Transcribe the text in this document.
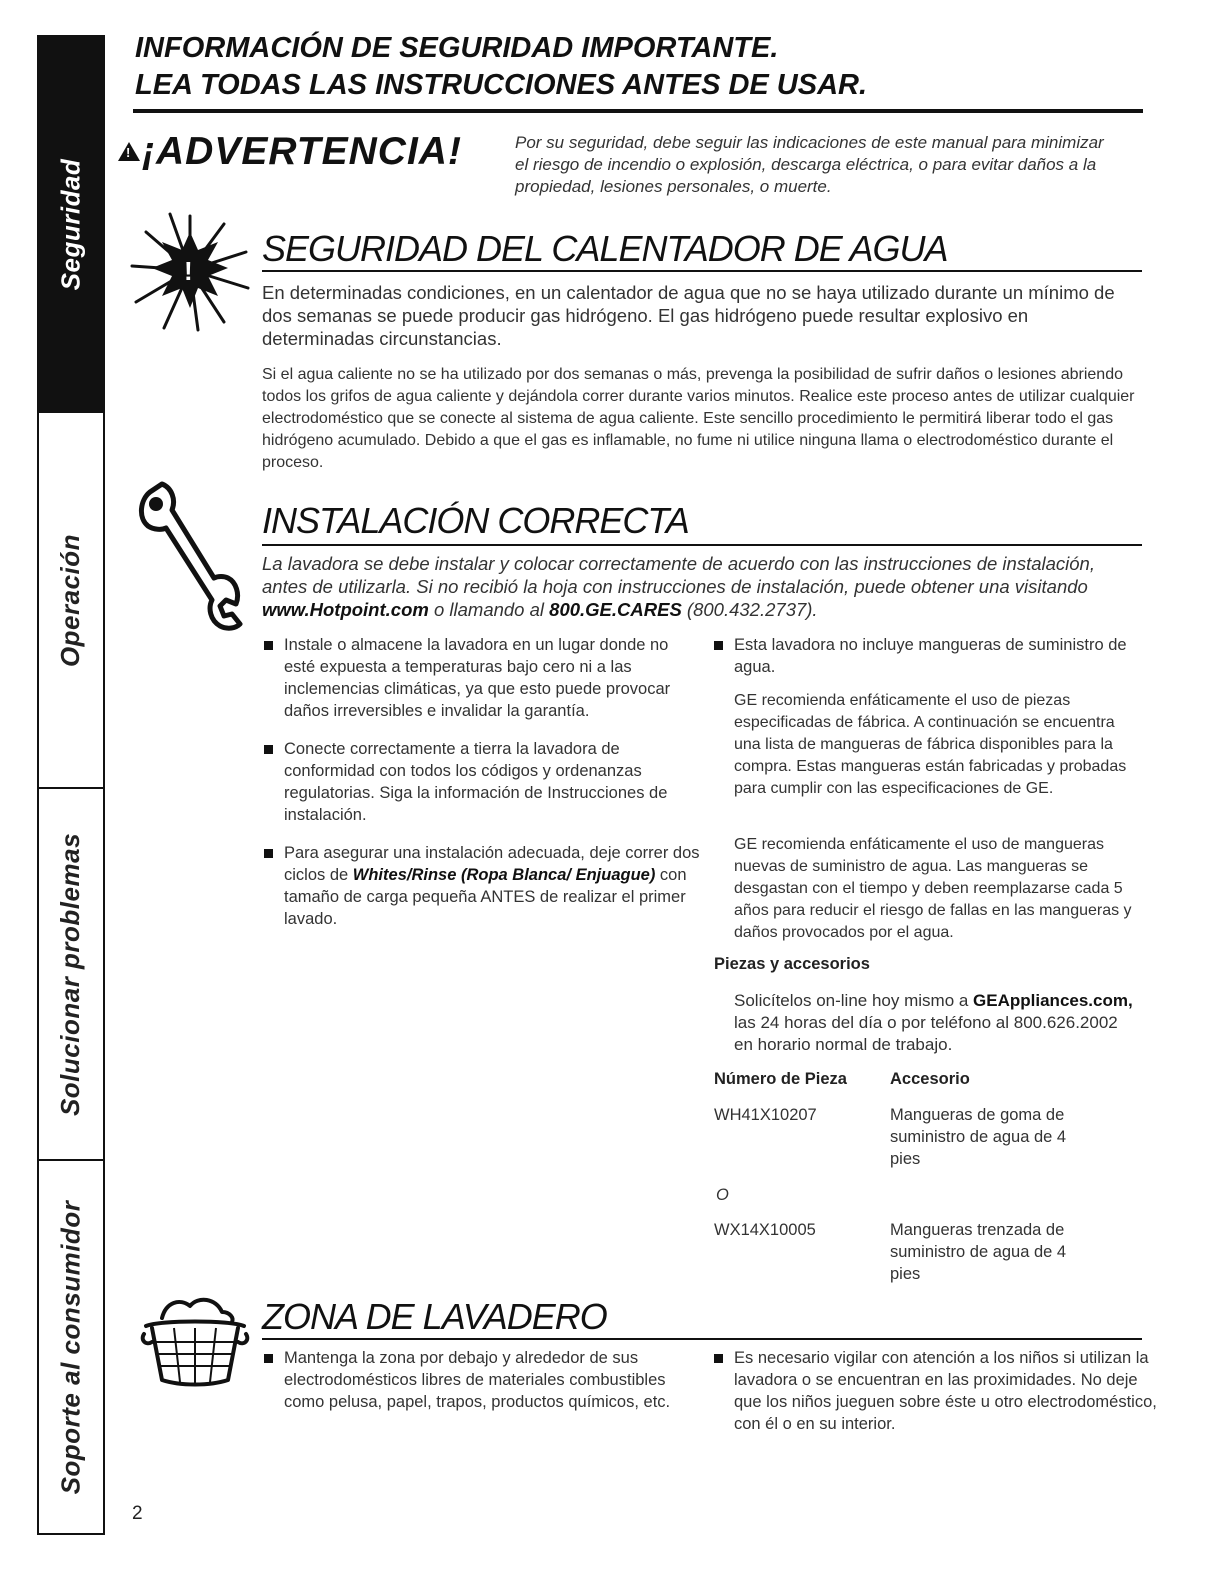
Seguridad
Operación
Solucionar problemas
Soporte al consumidor
INFORMACIÓN DE SEGURIDAD IMPORTANTE.
LEA TODAS LAS INSTRUCCIONES ANTES DE USAR.
!¡ADVERTENCIA!	Por su seguridad, debe seguir las indicaciones de este manual para minimizar el riesgo de incendio o explosión, descarga eléctrica, o para evitar daños a la propiedad, lesiones personales, o muerte.
!
SEGURIDAD DEL CALENTADOR DE AGUA
En determinadas condiciones, en un calentador de agua que no se haya utilizado durante un mínimo de dos semanas se puede producir gas hidrógeno. El gas hidrógeno puede resultar explosivo en determinadas circunstancias.
Si el agua caliente no se ha utilizado por dos semanas o más, prevenga la posibilidad de sufrir daños o lesiones abriendo todos los grifos de agua caliente y dejándola correr durante varios minutos. Realice este proceso antes de utilizar cualquier electrodoméstico que se conecte al sistema de agua caliente. Este sencillo procedimiento le permitirá liberar todo el gas hidrógeno acumulado. Debido a que el gas es inflamable, no fume ni utilice ninguna llama o electrodoméstico durante el proceso.
INSTALACIÓN CORRECTA
La lavadora se debe instalar y colocar correctamente de acuerdo con las instrucciones de instalación, antes de utilizarla. Si no recibió la hoja con instrucciones de instalación, puede obtener una visitando www.Hotpoint.com o llamando al 800.GE.CARES (800.432.2737).
Instale o almacene la lavadora en un lugar donde no esté expuesta a temperaturas bajo cero ni a las inclemencias climáticas, ya que esto puede provocar daños irreversibles e invalidar la garantía.
Conecte correctamente a tierra la lavadora de conformidad con todos los códigos y ordenanzas regulatorias. Siga la información de Instrucciones de instalación.
Para asegurar una instalación adecuada, deje correr dos ciclos de Whites/Rinse (Ropa Blanca/ Enjuague) con tamaño de carga pequeña ANTES de realizar el primer lavado.
Esta lavadora no incluye mangueras de suministro de agua.
GE recomienda enfáticamente el uso de piezas especificadas de fábrica. A continuación se encuentra una lista de mangueras de fábrica disponibles para la compra. Estas mangueras están fabricadas y probadas para cumplir con las especificaciones de GE.
GE recomienda enfáticamente el uso de mangueras nuevas de suministro de agua. Las mangueras se desgastan con el tiempo y deben reemplazarse cada 5 años para reducir el riesgo de fallas en las mangueras y daños provocados por el agua.
Piezas y accesorios
Solicítelos on-line hoy mismo a GEAppliances.com, las 24 horas del día o por teléfono al 800.626.2002 en horario normal de trabajo.
Número de Pieza	Accesorio
WH41X10207	Mangueras de goma de suministro de agua de 4 pies
O
WX14X10005	Mangueras trenzada de suministro de agua de 4 pies
ZONA DE LAVADERO
Mantenga la zona por debajo y alrededor de sus electrodomésticos libres de materiales combustibles como pelusa, papel, trapos, productos químicos, etc.
Es necesario vigilar con atención a los niños si utilizan la lavadora o se encuentran en las proximidades. No deje que los niños jueguen sobre éste u otro electrodoméstico, con él o en su interior.
2
